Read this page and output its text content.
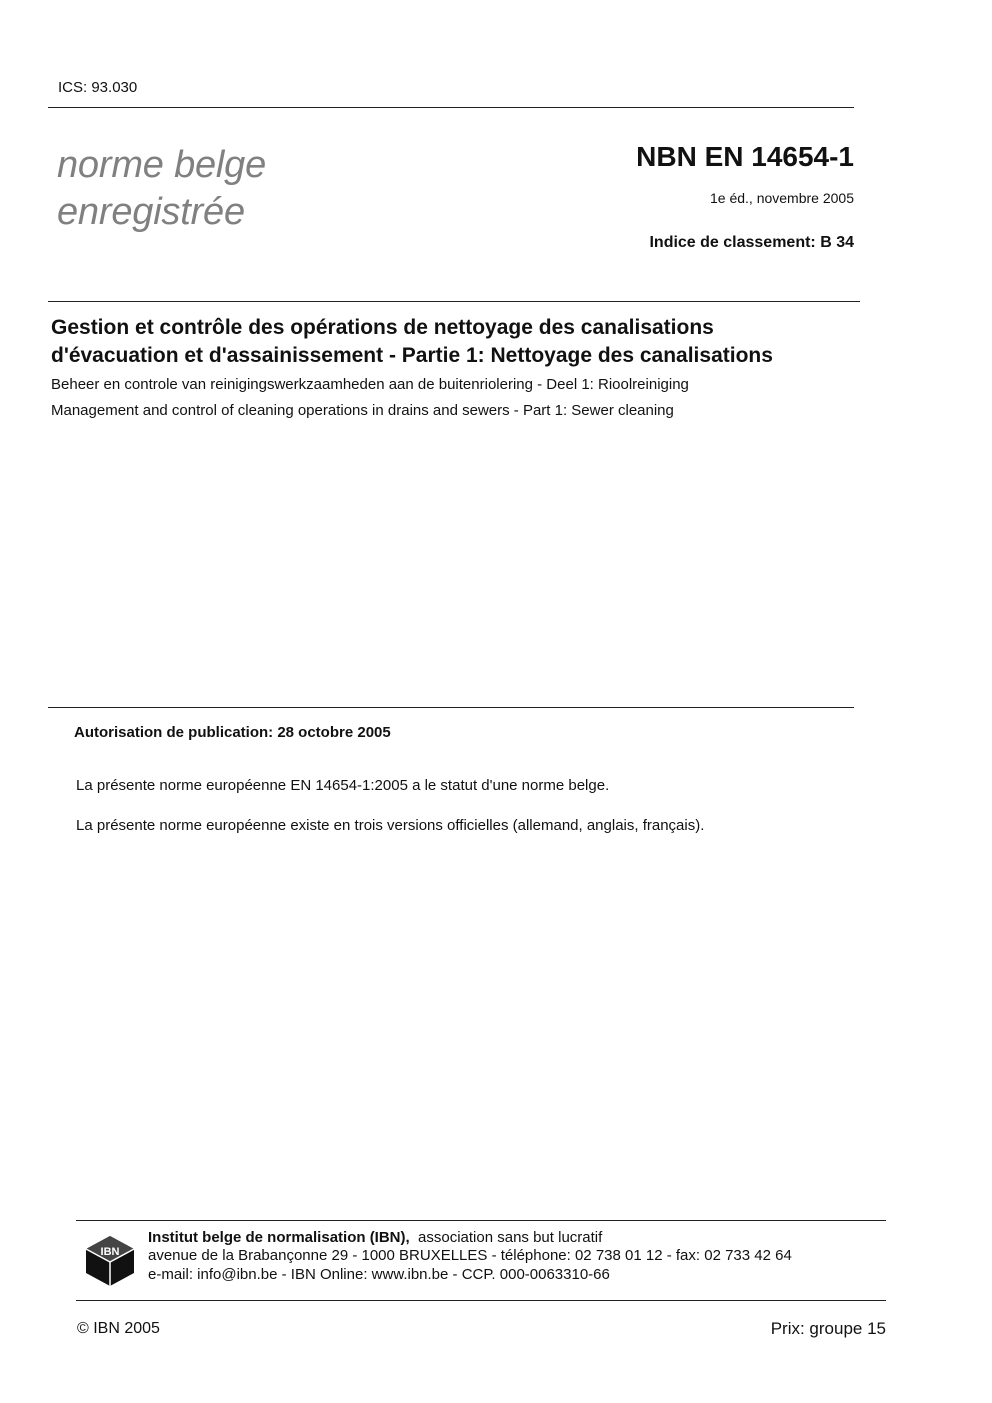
ICS: 93.030
norme belge
enregistrée
NBN EN 14654-1
1e éd., novembre 2005
Indice de classement: B 34
Gestion et contrôle des opérations de nettoyage des canalisations
d'évacuation et d'assainissement - Partie 1: Nettoyage des canalisations
Beheer en controle van reinigingswerkzaamheden aan de buitenriolering - Deel 1: Rioolreiniging
Management and control of cleaning operations in drains and sewers - Part 1: Sewer cleaning
Autorisation de publication: 28 octobre 2005
La présente norme européenne EN 14654-1:2005 a le statut d'une norme belge.
La présente norme européenne existe en trois versions officielles (allemand, anglais, français).
IBN
Institut belge de normalisation (IBN), association sans but lucratif
avenue de la Brabançonne 29 - 1000 BRUXELLES - téléphone: 02 738 01 12 - fax: 02 733 42 64
e-mail: info@ibn.be - IBN Online: www.ibn.be - CCP. 000-0063310-66
© IBN 2005	Prix: groupe 15
